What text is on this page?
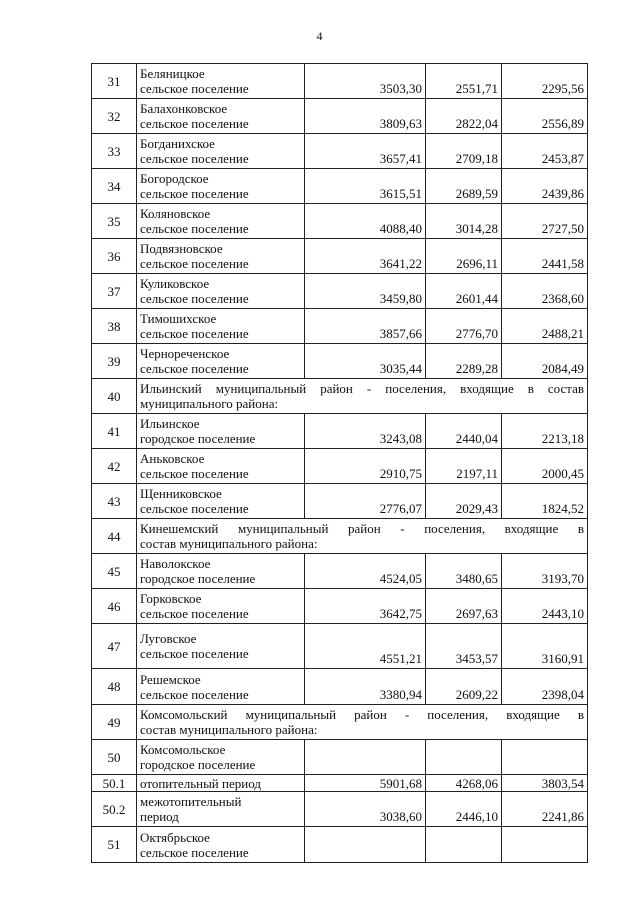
4
31	Беляницкое
сельское поселение	3503,30	2551,71	2295,56
32	Балахонковское
сельское поселение	3809,63	2822,04	2556,89
33	Богданихское
сельское поселение	3657,41	2709,18	2453,87
34	Богородское
сельское поселение	3615,51	2689,59	2439,86
35	Коляновское
сельское поселение	4088,40	3014,28	2727,50
36	Подвязновское
сельское поселение	3641,22	2696,11	2441,58
37	Куликовское
сельское поселение	3459,80	2601,44	2368,60
38	Тимошихское
сельское поселение	3857,66	2776,70	2488,21
39	Чернореченское
сельское поселение	3035,44	2289,28	2084,49
40	Ильинский муниципальный район - поселения, входящие в состав
муниципального района:			

41	Ильинское
городское поселение	3243,08	2440,04	2213,18
42	Аньковское
сельское поселение	2910,75	2197,11	2000,45
43	Щенниковское
сельское поселение	2776,07	2029,43	1824,52
44	Кинешемский муниципальный район - поселения, входящие в
состав муниципального района:			

45	Наволокское
городское поселение	4524,05	3480,65	3193,70
46	Горковское
сельское поселение	3642,75	2697,63	2443,10
47	Луговское
сельское поселение	4551,21	3453,57	3160,91
48	Решемское
сельское поселение	3380,94	2609,22	2398,04
49	Комсомольский муниципальный район - поселения, входящие в
состав муниципального района:			

50	Комсомольское
городское поселение			

50.1	отопительный период	5901,68	4268,06	3803,54
50.2	межотопительный
период	3038,60	2446,10	2241,86
51	Октябрьское
сельское поселение			
